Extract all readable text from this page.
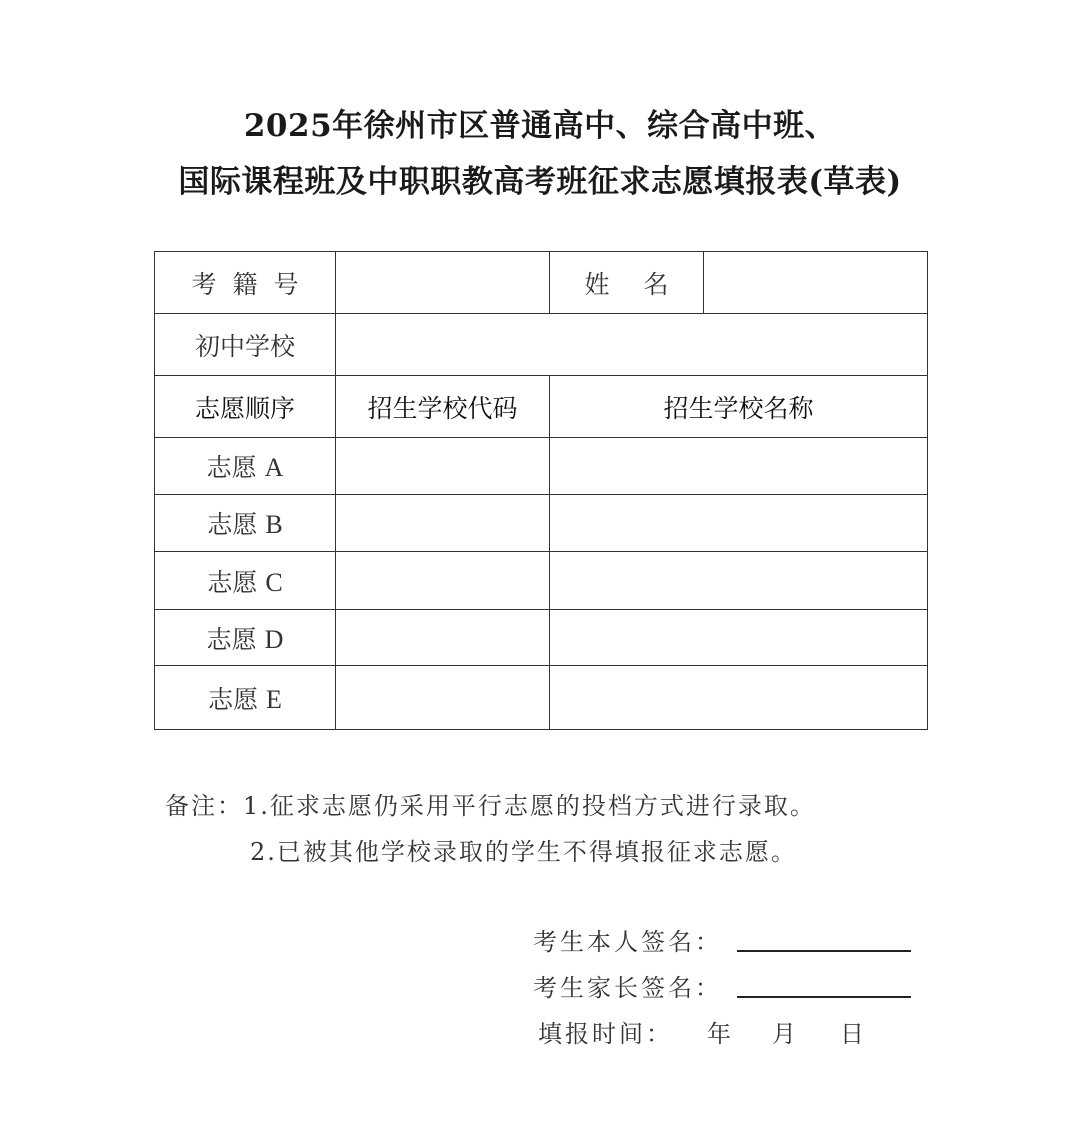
2025年徐州市区普通高中、综合高中班、
国际课程班及中职职教高考班征求志愿填报表(草表)
考籍号		姓名	
初中学校			
志愿顺序	招生学校代码	招生学校名称	
志愿 A			
志愿 B			
志愿 C			
志愿 D			
志愿 E			
备注：1.征求志愿仍采用平行志愿的投档方式进行录取。
2.已被其他学校录取的学生不得填报征求志愿。
考生本人签名：
考生家长签名：
填报时间： 年 月 日
